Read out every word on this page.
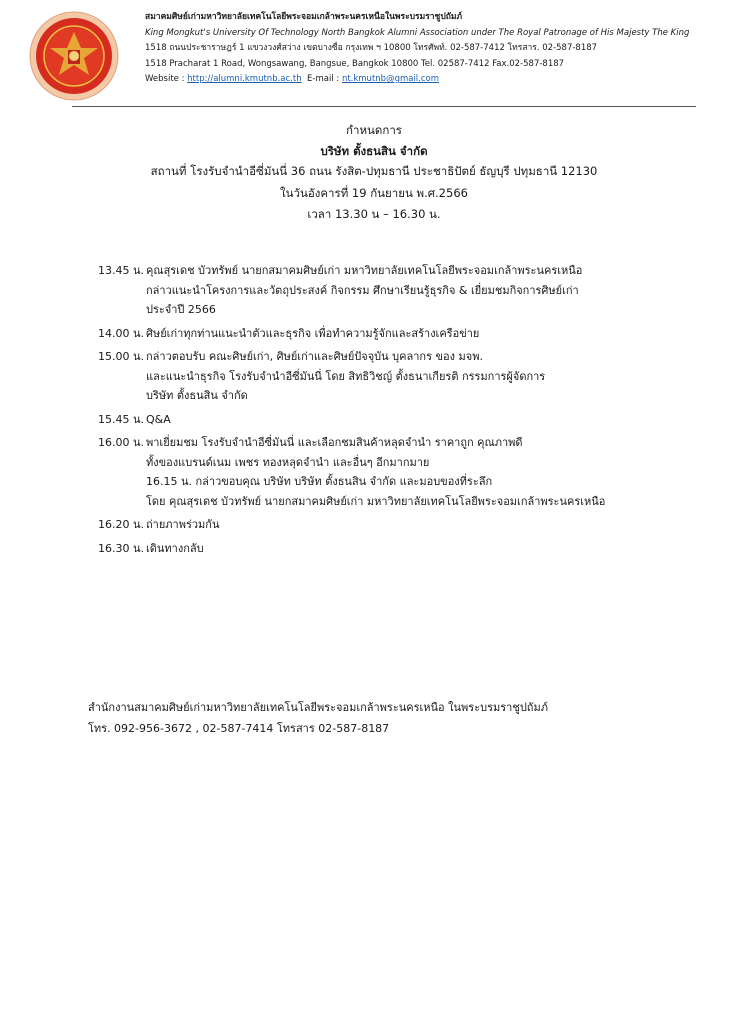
สมาคมศิษย์เก่ามหาวิทยาลัยเทคโนโลยีพระจอมเกล้าพระนครเหนือในพระบรมราชูปถัมภ์
King Mongkut's University Of Technology North Bangkok Alumni Association under The Royal Patronage of His Majesty The King
1518 ถนนประชาราษฎร์ 1 แขวงวงศ์สว่าง เขตบางซื่อ กรุงเทพ ฯ 10800 โทรศัพท์. 02-587-7412 โทรสาร. 02-587-8187
1518 Pracharat 1 Road, Wongsawang, Bangsue, Bangkok 10800 Tel. 02587-7412 Fax.02-587-8187
Website : http://alumni.kmutnb.ac.th E-mail : nt.kmutnb@gmail.com
กำหนดการ
บริษัท ตั้งธนสิน จำกัด
สถานที่ โรงรับจำนำอีซี่มันนี่ 36 ถนน รังสิต-ปทุมธานี ประชาธิปัตย์ ธัญบุรี ปทุมธานี 12130
ในวันอังคารที่ 19 กันยายน พ.ศ.2566
เวลา 13.30 น – 16.30 น.
13.45 น. คุณสุรเดช บัวทรัพย์ นายกสมาคมศิษย์เก่า มหาวิทยาลัยเทคโนโลยีพระจอมเกล้าพระนครเหนือ
กล่าวแนะนำโครงการและวัตถุประสงค์ กิจกรรม ศึกษาเรียนรู้ธุรกิจ & เยี่ยมชมกิจการศิษย์เก่า
ประจำปี 2566
14.00 น. ศิษย์เก่าทุกท่านแนะนำตัวและธุรกิจ เพื่อทำความรู้จักและสร้างเครือข่าย
15.00 น. กล่าวตอบรับ คณะศิษย์เก่า, ศิษย์เก่าและศิษย์ปัจจุบัน บุคลากร ของ มจพ.
และแนะนำธุรกิจ โรงรับจำนำอีซี่มันนี่ โดย สิทธิวิชญ์ ตั้งธนาเกียรติ กรรมการผู้จัดการ
บริษัท ตั้งธนสิน จำกัด
15.45 น. Q&A
16.00 น. พาเยี่ยมชม โรงรับจำนำอีซี่มันนี่ และเลือกชมสินค้าหลุดจำนำ ราคาถูก คุณภาพดี
ทั้งของแบรนด์เนม เพชร ทองหลุดจำนำ และอื่นๆ อีกมากมาย
16.15 น. กล่าวขอบคุณ บริษัท บริษัท ตั้งธนสิน จำกัด และมอบของที่ระลึก
โดย คุณสุรเดช บัวทรัพย์ นายกสมาคมศิษย์เก่า มหาวิทยาลัยเทคโนโลยีพระจอมเกล้าพระนครเหนือ
16.20 น. ถ่ายภาพร่วมกัน
16.30 น. เดินทางกลับ
สำนักงานสมาคมศิษย์เก่ามหาวิทยาลัยเทคโนโลยีพระจอมเกล้าพระนครเหนือ ในพระบรมราชูปถัมภ์
โทร. 092-956-3672 , 02-587-7414 โทรสาร 02-587-8187
